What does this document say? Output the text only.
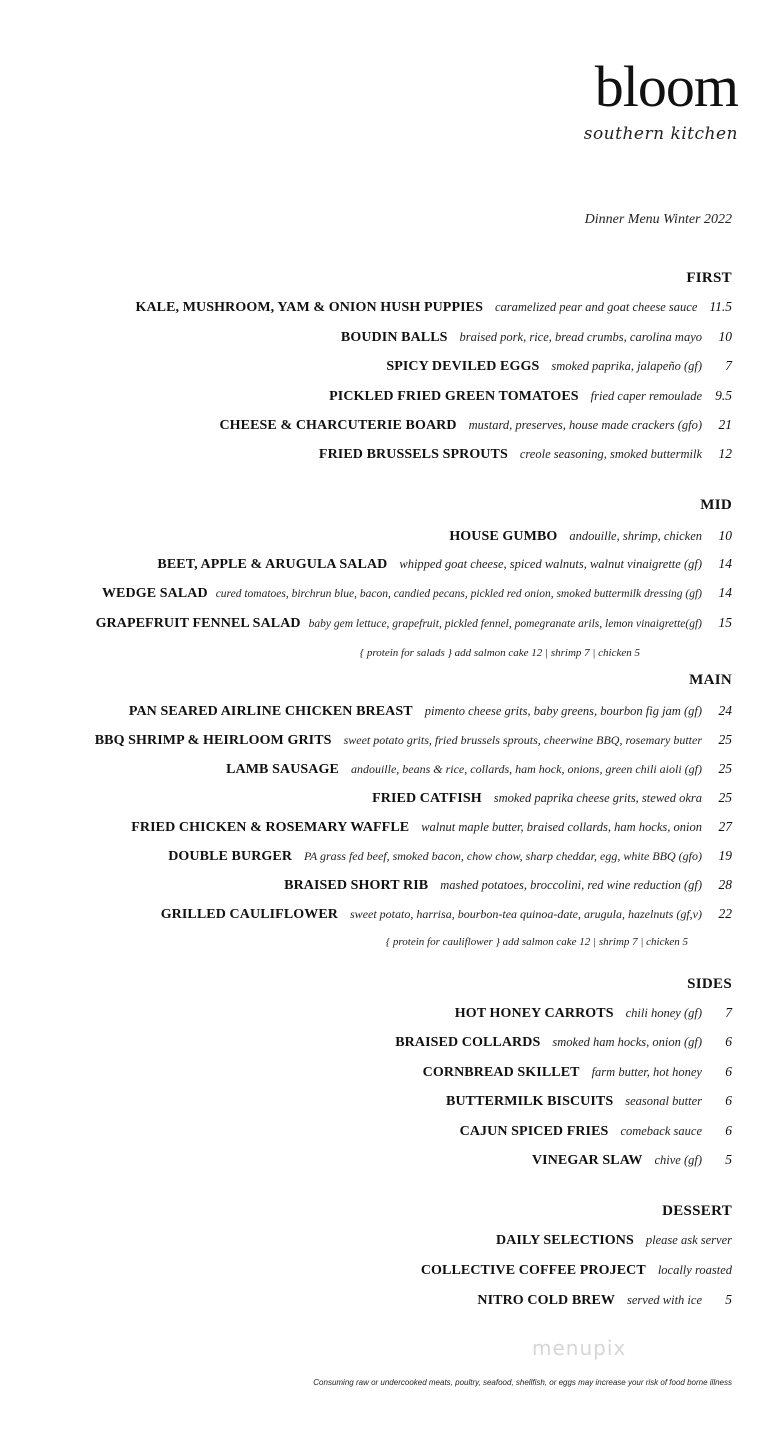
bloom
southern kitchen
Dinner Menu Winter 2022
FIRST
KALE, MUSHROOM, YAM & ONION HUSH PUPPIES caramelized pear and goat cheese sauce 11.5
BOUDIN BALLS braised pork, rice, bread crumbs, carolina mayo	10
SPICY DEVILED EGGS smoked paprika, jalapeño (gf)	7
PICKLED FRIED GREEN TOMATOES fried caper remoulade 9.5
CHEESE & CHARCUTERIE BOARD mustard, preserves, house made crackers (gfo)	21
FRIED BRUSSELS SPROUTS creole seasoning, smoked buttermilk	12
MID
HOUSE GUMBO andouille, shrimp, chicken	10
BEET, APPLE & ARUGULA SALAD whipped goat cheese, spiced walnuts, walnut vinaigrette (gf)	14
WEDGE SALAD cured tomatoes, birchrun blue, bacon, candied pecans, pickled red onion, smoked buttermilk dressing (gf)	14
GRAPEFRUIT FENNEL SALAD baby gem lettuce, grapefruit, pickled fennel, pomegranate arils, lemon vinaigrette(gf)	15
{ protein for salads } add salmon cake 12 | shrimp 7 | chicken 5
MAIN
PAN SEARED AIRLINE CHICKEN BREAST pimento cheese grits, baby greens, bourbon fig jam (gf)	24
BBQ SHRIMP & HEIRLOOM GRITS sweet potato grits, fried brussels sprouts, cheerwine BBQ, rosemary butter	25
LAMB SAUSAGE andouille, beans & rice, collards, ham hock, onions, green chili aioli (gf)	25
FRIED CATFISH smoked paprika cheese grits, stewed okra	25
FRIED CHICKEN & ROSEMARY WAFFLE walnut maple butter, braised collards, ham hocks, onion	27
DOUBLE BURGER PA grass fed beef, smoked bacon, chow chow, sharp cheddar, egg, white BBQ (gfo)	19
BRAISED SHORT RIB mashed potatoes, broccolini, red wine reduction (gf)	28
GRILLED CAULIFLOWER sweet potato, harrisa, bourbon-tea quinoa-date, arugula, hazelnuts (gf,v)	22
{ protein for cauliflower } add salmon cake 12 | shrimp 7 | chicken 5
SIDES
HOT HONEY CARROTS chili honey (gf)	7
BRAISED COLLARDS smoked ham hocks, onion (gf)	6
CORNBREAD SKILLET farm butter, hot honey	6
BUTTERMILK BISCUITS seasonal butter	6
CAJUN SPICED FRIES comeback sauce	6
VINEGAR SLAW chive (gf)	5
DESSERT
DAILY SELECTIONS please ask server
COLLECTIVE COFFEE PROJECT locally roasted
NITRO COLD BREW served with ice	5
menupix
Consuming raw or undercooked meats, poultry, seafood, shellfish, or eggs may increase your risk of food borne illness
